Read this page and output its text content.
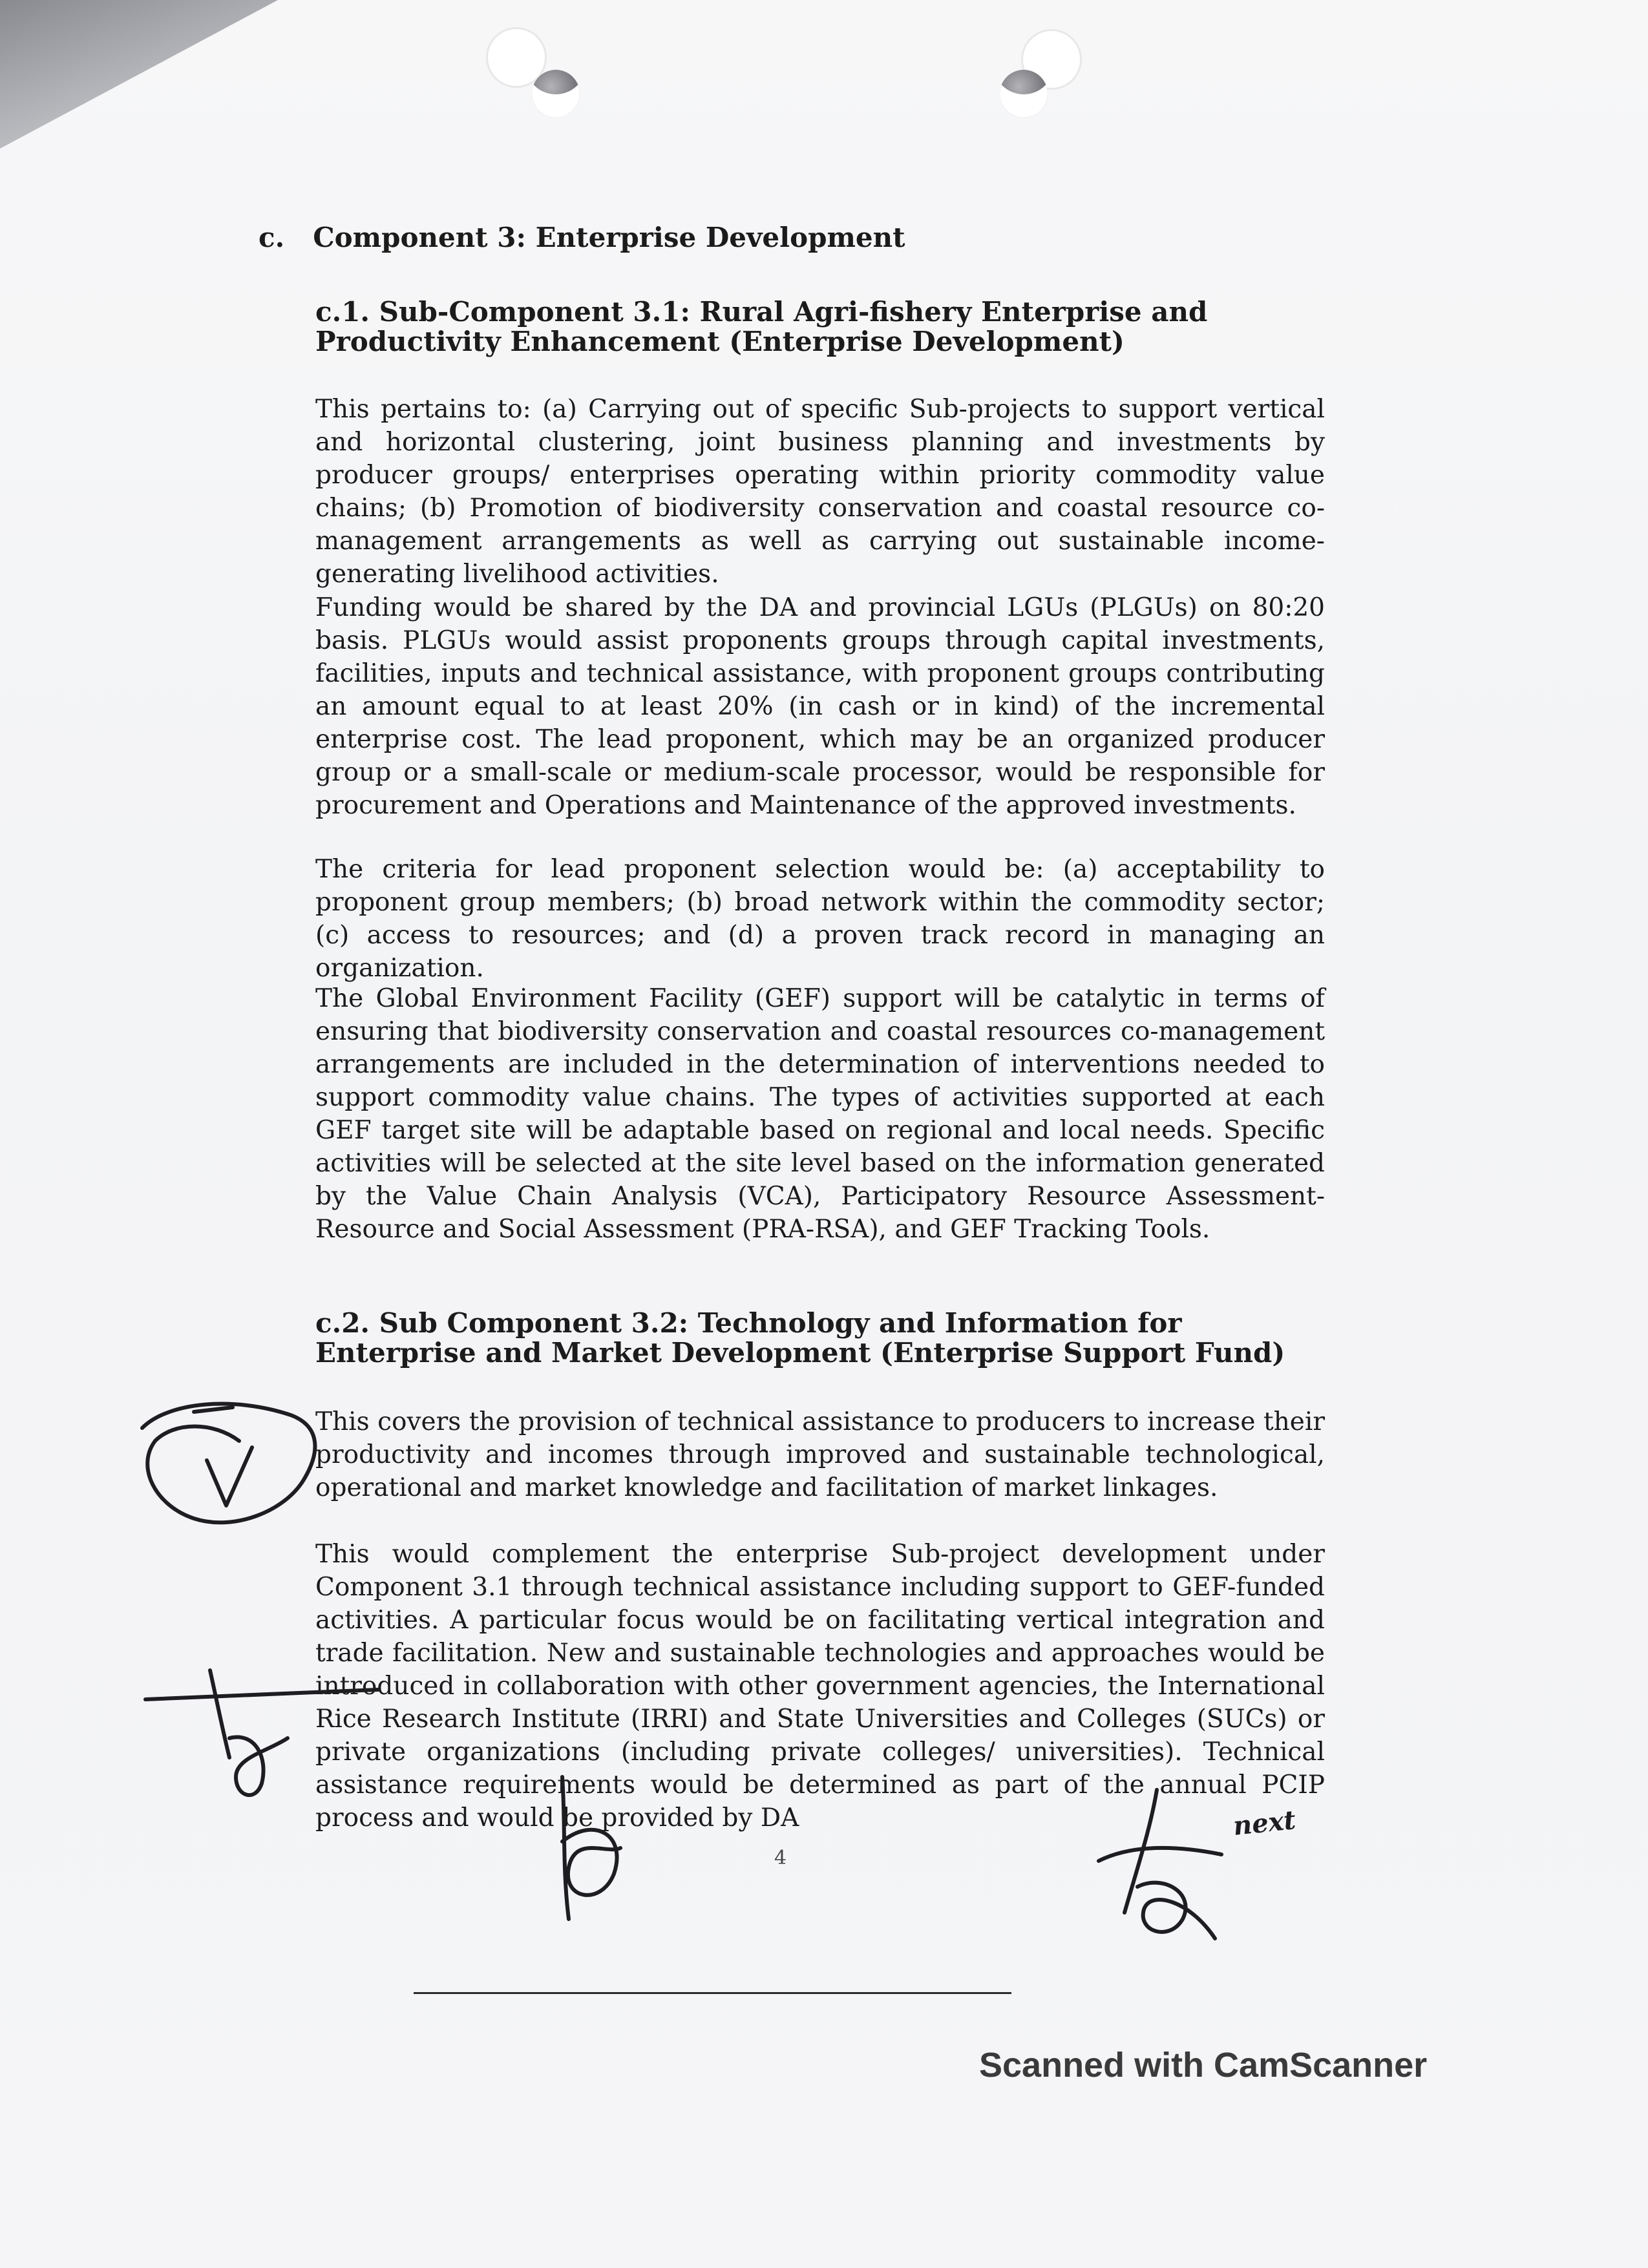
c. Component 3: Enterprise Development
c.1. Sub-Component 3.1: Rural Agri-fishery Enterprise and Productivity Enhancement (Enterprise Development)
This pertains to: (a) Carrying out of specific Sub-projects to support vertical and horizontal clustering, joint business planning and investments by producer groups/ enterprises operating within priority commodity value chains; (b) Promotion of biodiversity conservation and coastal resource co-management arrangements as well as carrying out sustainable income-generating livelihood activities.
Funding would be shared by the DA and provincial LGUs (PLGUs) on 80:20 basis. PLGUs would assist proponents groups through capital investments, facilities, inputs and technical assistance, with proponent groups contributing an amount equal to at least 20% (in cash or in kind) of the incremental enterprise cost. The lead proponent, which may be an organized producer group or a small-scale or medium-scale processor, would be responsible for procurement and Operations and Maintenance of the approved investments.
The criteria for lead proponent selection would be: (a) acceptability to proponent group members; (b) broad network within the commodity sector; (c) access to resources; and (d) a proven track record in managing an organization.
The Global Environment Facility (GEF) support will be catalytic in terms of ensuring that biodiversity conservation and coastal resources co-management arrangements are included in the determination of interventions needed to support commodity value chains. The types of activities supported at each GEF target site will be adaptable based on regional and local needs. Specific activities will be selected at the site level based on the information generated by the Value Chain Analysis (VCA), Participatory Resource Assessment-Resource and Social Assessment (PRA-RSA), and GEF Tracking Tools.
c.2. Sub Component 3.2: Technology and Information for Enterprise and Market Development (Enterprise Support Fund)
This covers the provision of technical assistance to producers to increase their productivity and incomes through improved and sustainable technological, operational and market knowledge and facilitation of market linkages.
This would complement the enterprise Sub-project development under Component 3.1 through technical assistance including support to GEF-funded activities. A particular focus would be on facilitating vertical integration and trade facilitation. New and sustainable technologies and approaches would be introduced in collaboration with other government agencies, the International Rice Research Institute (IRRI) and State Universities and Colleges (SUCs) or private organizations (including private colleges/ universities). Technical assistance requirements would be determined as part of the annual PCIP process and would be provided by DA	next
4
Scanned with CamScanner
